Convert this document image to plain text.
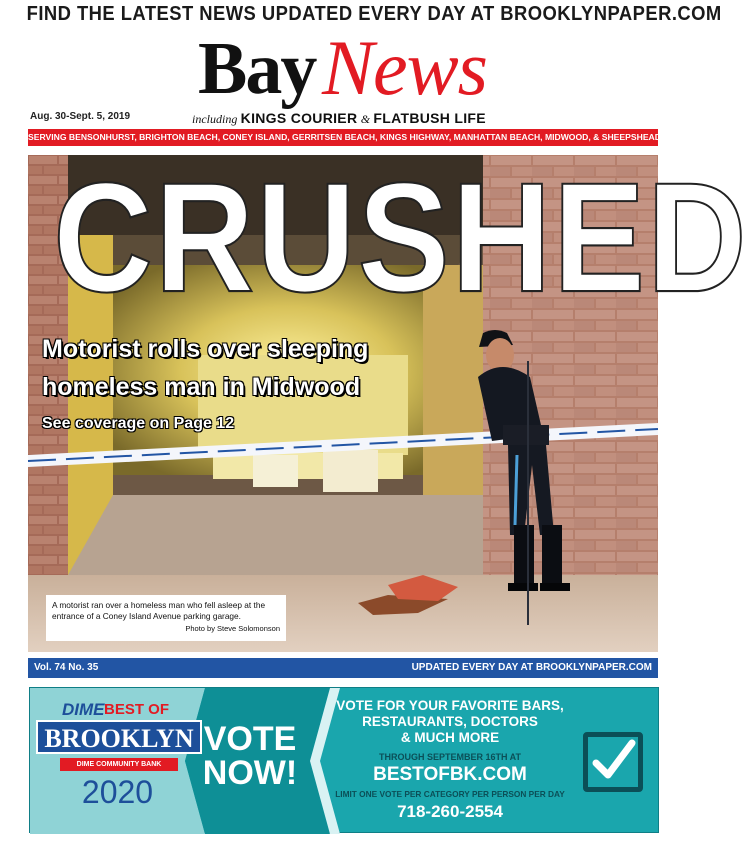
FIND THE LATEST NEWS UPDATED EVERY DAY AT BROOKLYNPAPER.COM
Bay News
Aug. 30-Sept. 5, 2019	including KINGS COURIER & FLATBUSH LIFE
SERVING BENSONHURST, BRIGHTON BEACH, CONEY ISLAND, GERRITSEN BEACH, KINGS HIGHWAY, MANHATTAN BEACH, MIDWOOD, & SHEEPSHEAD BAY
CRUSHED
Motorist rolls over sleeping
homeless man in Midwood
See coverage on Page 12
A motorist ran over a homeless man who fell asleep at the entrance of a Coney Island Avenue parking garage.
Photo by Steve Solomonson
Vol. 74 No. 35	UPDATED EVERY DAY AT BROOKLYNPAPER.COM
DIME BEST OF
BROOKLYN
DIME COMMUNITY BANK
2020
VOTE
NOW!
VOTE FOR YOUR FAVORITE BARS,
RESTAURANTS, DOCTORS
& MUCH MORE
THROUGH SEPTEMBER 16TH AT
BESTOFBK.COM
LIMIT ONE VOTE PER CATEGORY PER PERSON PER DAY
718-260-2554
